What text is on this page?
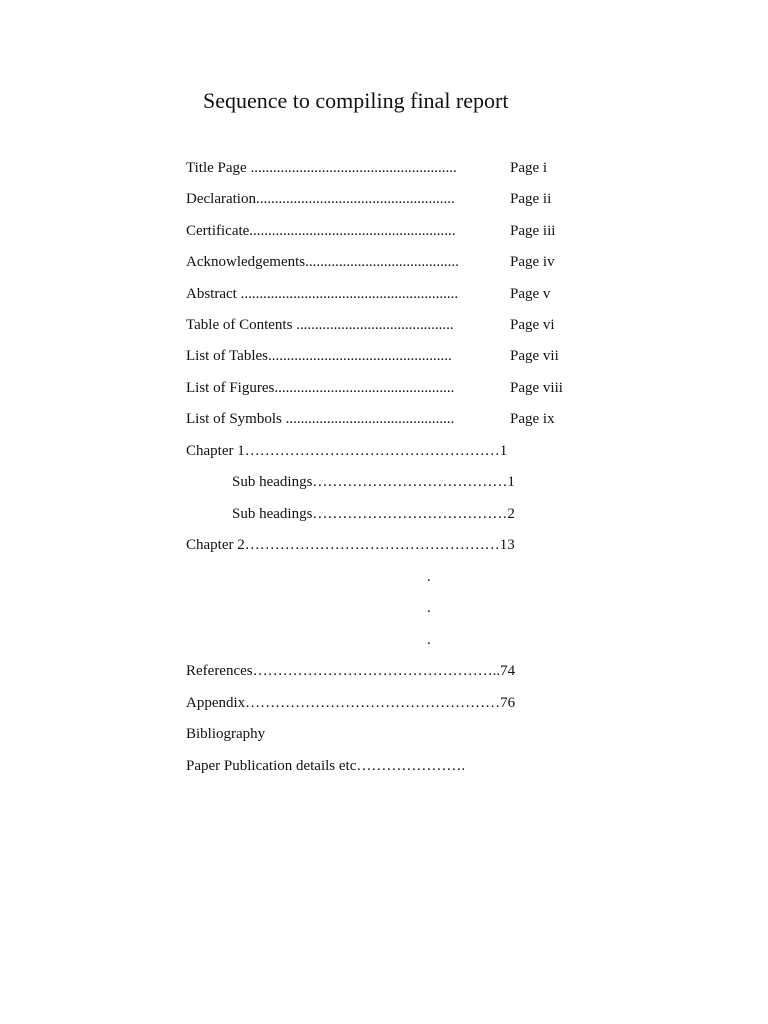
Sequence to compiling final report
Title Page .......................................................	Page i
Declaration.....................................................	Page ii
Certificate.......................................................	Page iii
Acknowledgements.........................................	Page iv
Abstract ..........................................................	Page v
Table of Contents ..........................................	Page vi
List of Tables.................................................	Page vii
List of Figures................................................	Page viii
List of Symbols .............................................	Page ix
Chapter 1……………………………………………1
Sub headings…………………………………1
Sub headings…………………………………2
Chapter 2……………………………………………13
.
.
.
References…………………………………………..74
Appendix……………………………………………76
Bibliography
Paper Publication details etc………………….
